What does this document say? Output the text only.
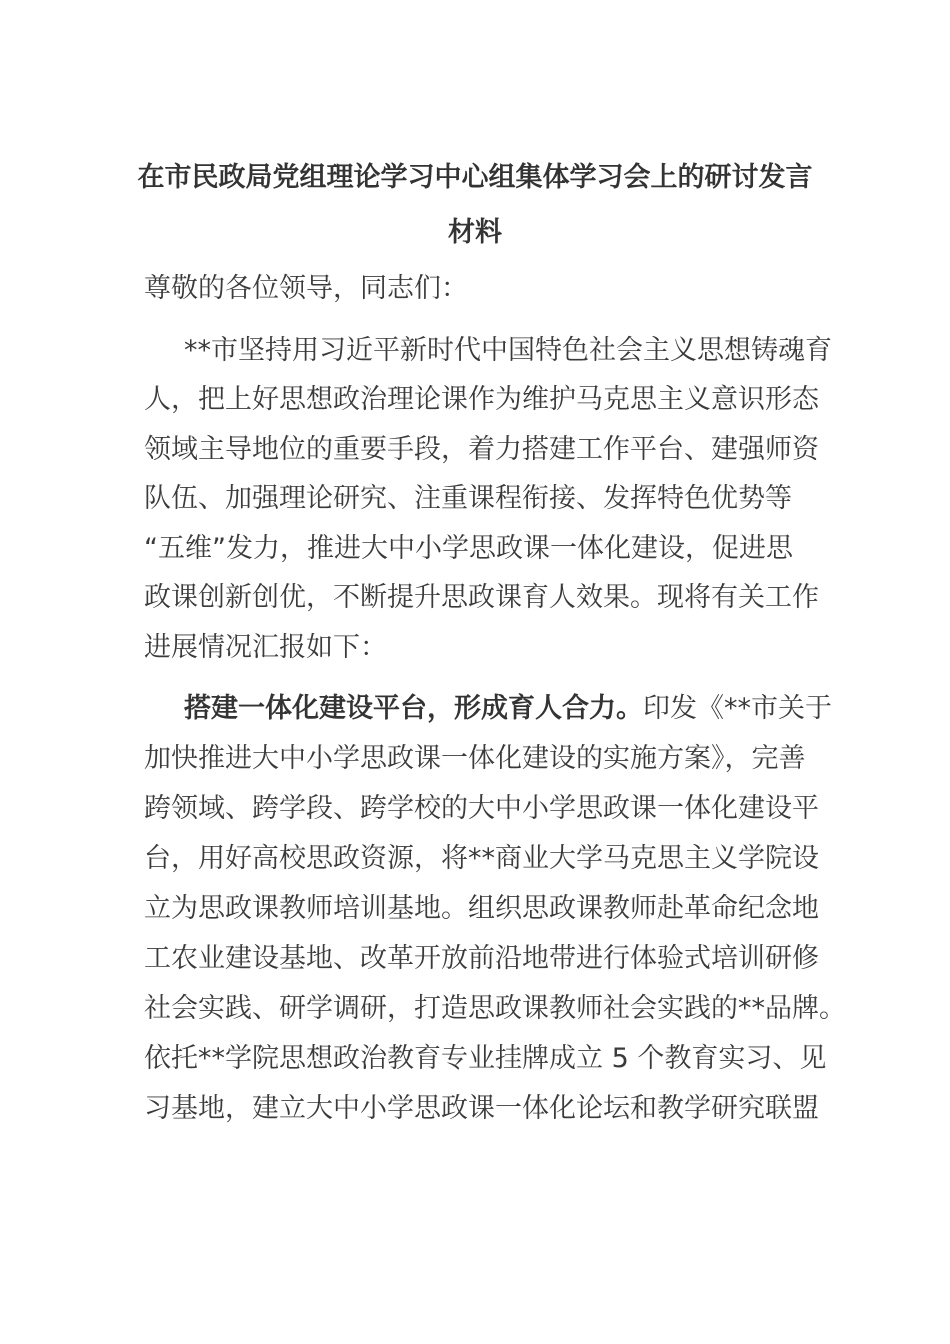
在市民政局党组理论学习中心组集体学习会上的研讨发言
材料
尊敬的各位领导，同志们：
**市坚持用习近平新时代中国特色社会主义思想铸魂育
人，把上好思想政治理论课作为维护马克思主义意识形态
领域主导地位的重要手段，着力搭建工作平台、建强师资
队伍、加强理论研究、注重课程衔接、发挥特色优势等
“五维”发力，推进大中小学思政课一体化建设，促进思
政课创新创优，不断提升思政课育人效果。现将有关工作
进展情况汇报如下：
搭建一体化建设平台，形成育人合力。印发《**市关于
加快推进大中小学思政课一体化建设的实施方案》，完善
跨领域、跨学段、跨学校的大中小学思政课一体化建设平
台，用好高校思政资源，将**商业大学马克思主义学院设
立为思政课教师培训基地。组织思政课教师赴革命纪念地
工农业建设基地、改革开放前沿地带进行体验式培训研修
社会实践、研学调研，打造思政课教师社会实践的**品牌。
依托**学院思想政治教育专业挂牌成立 5 个教育实习、见
习基地，建立大中小学思政课一体化论坛和教学研究联盟
